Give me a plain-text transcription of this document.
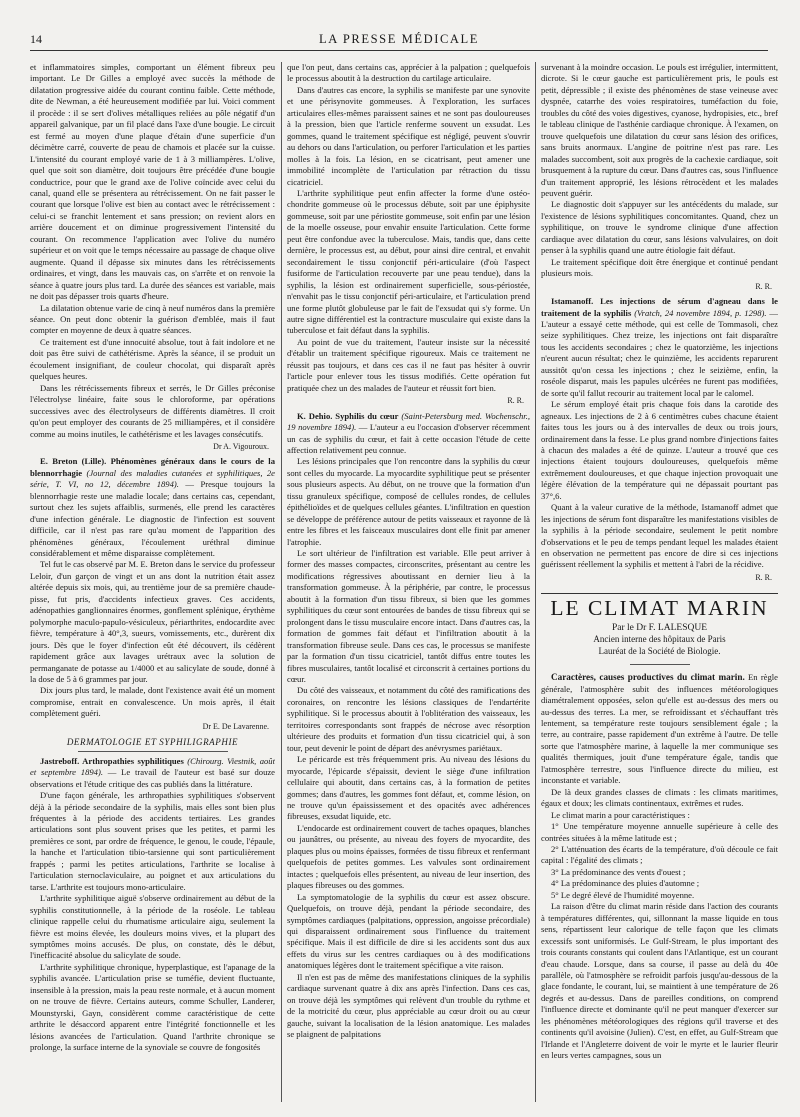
14	LA PRESSE MÉDICALE

et inflammatoires simples, comportant un élément fibreux peu important. Le Dr Gilles a employé avec succès la méthode de dilatation progressive aidée du courant continu faible. Cette méthode, dite de Newman, a été heureusement modifiée par lui. Voici comment il procède : il se sert d'olives métalliques reliées au pôle négatif d'un appareil galvanique, par un fil placé dans l'axe d'une bougie. Le circuit est fermé au moyen d'une plaque d'étain d'une superficie d'un décimètre carré, couverte de peau de chamois et placée sur la cuisse. L'intensité du courant employé varie de 1 à 3 milliampères. L'olive, quel que soit son diamètre, doit toujours être précédée d'une bougie conductrice, pour que le grand axe de l'olive coïncide avec celui du canal, quand elle se présentera au rétrécissement. On ne fait passer le courant que lorsque l'olive est bien au contact avec le rétrécissement : celui-ci se franchit lentement et sans pression; on revient alors en arrière doucement et on diminue progressivement l'intensité du courant. On recommence l'application avec l'olive du numéro supérieur et on voit que le temps nécessaire au passage de chaque olive augmente. Quand il dépasse six minutes dans les rétrécissements ordinaires, et vingt, dans les mauvais cas, on s'arrête et on renvoie la séance à quatre jours plus tard. La durée des séances est variable, mais ne doit pas dépasser trois quarts d'heure.

La dilatation obtenue varie de cinq à neuf numéros dans la première séance. On peut donc obtenir la guérison d'emblée, mais il faut compter en moyenne de deux à quatre séances.

Ce traitement est d'une innocuité absolue, tout à fait indolore et ne doit pas être suivi de cathétérisme. Après la séance, il se produit un écoulement insignifiant, de couleur chocolat, qui disparaît après quelques heures.

Dans les rétrécissements fibreux et serrés, le Dr Gilles préconise l'électrolyse linéaire, faite sous le chloroforme, par opérations successives avec des électrolyseurs de différents diamètres. Il croit qu'on peut employer des courants de 25 milliampères, et il considère comme au moins inutiles, le cathétérisme et les lavages consécutifs.

Dr A. Vigouroux.

E. Breton (Lille). Phénomènes généraux dans le cours de la blennorrhagie (Journal des maladies cutanées et syphilitiques, 2e série, T. VI, no 12, décembre 1894). — Presque toujours la blennorrhagie reste une maladie locale; dans certains cas, cependant, surtout chez les sujets affaiblis, surmenés, elle prend les caractères d'une infection générale. Le diagnostic de l'infection est souvent difficile, car il n'est pas rare qu'au moment de l'apparition des phénomènes généraux, l'écoulement uréthral diminue considérablement et même disparaisse complètement.

Tel fut le cas observé par M. E. Breton dans le service du professeur Leloir, d'un garçon de vingt et un ans dont la nutrition était assez altérée depuis six mois, qui, au trentième jour de sa première chaude-pisse, fut pris, d'accidents infectieux graves. Ces accidents, adénopathies ganglionnaires énormes, gonflement splénique, érythème polymorphe maculo-papulo-vésiculeux, périarthrites, endocardite avec fièvre, température à 40°,3, sueurs, vomissements, etc., durèrent dix jours. Dès que le foyer d'infection eût été découvert, ils cédèrent rapidement grâce aux lavages urétraux avec la solution de permanganate de potasse au 1/4000 et au salicylate de soude, donné à la dose de 5 à 6 grammes par jour.

Dix jours plus tard, le malade, dont l'existence avait été un moment compromise, entrait en convalescence. Un mois après, il était complètement guéri.

Dr E. De Lavarenne.
DERMATOLOGIE ET SYPHILIGRAPHIE

Jastreboff. Arthropathies syphilitiques (Chirourg. Viestnik, août et septembre 1894). — Le travail de l'auteur est basé sur douze observations et l'étude critique des cas publiés dans la littérature.

D'une façon générale, les arthropathies syphilitiques s'observent déjà à la période secondaire de la syphilis, mais elles sont bien plus fréquentes à la période des accidents tertiaires. Les grandes articulations sont plus souvent prises que les petites, et parmi les premières ce sont, par ordre de fréquence, le genou, le coude, l'épaule, la hanche et l'articulation tibio-tarsienne qui sont particulièrement frappés ; parmi les petites articulations, l'arthrite se localise à l'articulation sternoclaviculaire, au poignet et aux articulations du tarse. L'arthrite est toujours mono-articulaire.

L'arthrite syphilitique aiguë s'observe ordinairement au début de la syphilis constitutionnelle, à la période de la roséole. Le tableau clinique rappelle celui du rhumatisme articulaire aigu, seulement la fièvre est moins élevée, les douleurs moins vives, et la plupart des symptômes moins accusés. De plus, on constate, dès le début, l'inefficacité absolue du salicylate de soude.

L'arthrite syphilitique chronique, hyperplastique, est l'apanage de la syphilis avancée. L'articulation prise se tuméfie, devient fluctuante, insensible à la pression, mais la peau reste normale, et à aucun moment on ne trouve de fièvre. Certains auteurs, comme Schuller, Landerer, Mounstyrski, Gayn, considèrent comme caractéristique de cette arthrite le désaccord apparent entre l'intégrité fonctionnelle et les lésions avancées de l'articulation. Quand l'arthrite chronique se prolonge, la surface interne de la synoviale se couvre de fongosités

que l'on peut, dans certains cas, apprécier à la palpation ; quelquefois le processus aboutit à la destruction du cartilage articulaire.

Dans d'autres cas encore, la syphilis se manifeste par une synovite et une périsynovite gommeuses. À l'exploration, les surfaces articulaires elles-mêmes paraissent saines et ne sont pas douloureuses à la pression, bien que l'article renferme souvent un exsudat. Les gommes, quand le traitement spécifique est négligé, peuvent s'ouvrir au dehors ou dans l'articulation, ou perforer l'articulation et les parties molles à la fois. La lésion, en se cicatrisant, peut amener une immobilité incomplète de l'articulation par rétraction du tissu cicatriciel.

L'arthrite syphilitique peut enfin affecter la forme d'une ostéo-chondrite gommeuse où le processus débute, soit par une épiphysite gommeuse, soit par une périostite gommeuse, soit enfin par une lésion de la moelle osseuse, pour envahir ensuite l'articulation. Cette forme peut être confondue avec la tuberculose. Mais, tandis que, dans cette dernière, le processus est, au début, pour ainsi dire central, et envahit secondairement le tissu conjonctif péri-articulaire (d'où l'aspect fusiforme de l'articulation recouverte par une peau tendue), dans la syphilis, la lésion est ordinairement superficielle, sous-périostée, n'envahit pas le tissu conjonctif péri-articulaire, et l'articulation prend une forme plutôt globuleuse par le fait de l'exsudat qui s'y forme. Un autre signe différentiel est la contracture musculaire qui existe dans la tuberculose et fait défaut dans la syphilis.

Au point de vue du traitement, l'auteur insiste sur la nécessité d'établir un traitement spécifique rigoureux. Mais ce traitement ne réussit pas toujours, et dans ces cas il ne faut pas hésiter à ouvrir l'article pour enlever tous les tissus modifiés. Cette opération fut pratiquée chez un des malades de l'auteur et réussit fort bien.

R. R.

K. Dehio. Syphilis du cœur (Saint-Petersburg med. Wochenschr., 19 novembre 1894). — L'auteur a eu l'occasion d'observer récemment un cas de syphilis du cœur, et fait à cette occasion l'étude de cette affection relativement peu connue.

Les lésions principales que l'on rencontre dans la syphilis du cœur sont celles du myocarde. La myocardite syphilitique peut se présenter sous plusieurs aspects. Au début, on ne trouve que la formation d'un tissu granuleux spécifique, composé de cellules rondes, de cellules épithélioïdes et de quelques cellules géantes. L'infiltration en question se développe de préférence autour de petits vaisseaux et rayonne de là entre les fibres et les faisceaux musculaires dont elle finit par amener l'atrophie.

Le sort ultérieur de l'infiltration est variable. Elle peut arriver à former des masses compactes, circonscrites, présentant au centre les modifications régressives aboutissant en dernier lieu à la transformation gommeuse. À la périphérie, par contre, le processus aboutit à la formation d'un tissu fibreux, si bien que les gommes syphilitiques du cœur sont entourées de bandes de tissu fibreux qui se prolongent dans le tissu musculaire encore intact. Dans d'autres cas, la formation de gommes fait défaut et l'infiltration aboutit à la transformation fibreuse seule. Dans ces cas, le processus se manifeste par la formation d'un tissu cicatriciel, tantôt diffus entre toutes les fibres musculaires, tantôt localisé et circonscrit à certaines portions du cœur.

Du côté des vaisseaux, et notamment du côté des ramifications des coronaires, on rencontre les lésions classiques de l'endartérite syphilitique. Si le processus aboutit à l'oblitération des vaisseaux, les territoires correspondants sont frappés de nécrose avec résorption ultérieure des produits et formation d'un tissu cicatriciel qui, à son tour, peut devenir le point de départ des anévrysmes pariétaux.

Le péricarde est très fréquemment pris. Au niveau des lésions du myocarde, l'épicarde s'épaissit, devient le siège d'une infiltration cellulaire qui aboutit, dans certains cas, à la formation de petites gommes; dans d'autres, les gommes font défaut, et, comme lésion, on ne trouve qu'un épaississement et des opacités avec adhérences fibreuses, exsudat liquide, etc.

L'endocarde est ordinairement couvert de taches opaques, blanches ou jaunâtres, ou présente, au niveau des foyers de myocardite, des plaques plus ou moins épaisses, formées de tissu fibreux et renfermant quelquefois de petites gommes. Les valvules sont ordinairement intactes ; quelquefois elles présentent, au niveau de leur insertion, des plaques fibreuses ou des gommes.

La symptomatologie de la syphilis du cœur est assez obscure. Quelquefois, on trouve déjà, pendant la période secondaire, des symptômes cardiaques (palpitations, oppression, angoisse précordiale) qui disparaissent ordinairement sous l'influence du traitement spécifique. Mais il est difficile de dire si les accidents sont dus aux effets du virus sur les centres cardiaques ou à des modifications anatomiques légères dont le traitement spécifique a vite raison.

Il n'en est pas de même des manifestations cliniques de la syphilis cardiaque survenant quatre à dix ans après l'infection. Dans ces cas, on trouve déjà les symptômes qui relèvent d'un trouble du rythme et de la motricité du cœur, plus appréciable au cœur droit ou au cœur gauche, suivant la localisation de la lésion anatomique. Les malades se plaignent de palpitations

survenant à la moindre occasion. Le pouls est irrégulier, intermittent, dicrote. Si le cœur gauche est particulièrement pris, le pouls est petit, dépressible ; il existe des phénomènes de stase veineuse avec dyspnée, catarrhe des voies respiratoires, tuméfaction du foie, troubles du côté des voies digestives, cyanose, hydropisies, etc., bref le tableau clinique de l'asthénie cardiaque chronique. À l'examen, on trouve quelquefois une dilatation du cœur sans lésion des orifices, sans bruits anormaux. L'angine de poitrine n'est pas rare. Les malades succombent, soit aux progrès de la cachexie cardiaque, soit brusquement à la rupture du cœur. Dans d'autres cas, sous l'influence d'un traitement approprié, les lésions rétrocèdent et les malades peuvent guérir.

Le diagnostic doit s'appuyer sur les antécédents du malade, sur l'existence de lésions syphilitiques concomitantes. Quand, chez un syphilitique, on trouve le syndrome clinique d'une affection cardiaque avec dilatation du cœur, sans lésions valvulaires, on doit penser à la syphilis quand une autre étiologie fait défaut.

Le traitement spécifique doit être énergique et continué pendant plusieurs mois.

R. R.

Istamanoff. Les injections de sérum d'agneau dans le traitement de la syphilis (Vratch, 24 novembre 1894, p. 1298). — L'auteur a essayé cette méthode, qui est celle de Tommasoli, chez seize syphilitiques. Chez treize, les injections ont fait disparaître tous les accidents secondaires ; chez le quatorzième, les injections n'eurent aucun résultat; chez le quinzième, les accidents reparurent aussitôt qu'on cessa les injections ; chez le seizième, enfin, la roséole disparut, mais les papules ulcérées ne furent pas modifiées, de sorte qu'il fallut recourir au traitement local par le calomel.

Le sérum employé était pris chaque fois dans la carotide des agneaux. Les injections de 2 à 6 centimètres cubes chacune étaient faites tous les jours ou à des intervalles de deux ou trois jours, ordinairement dans la fesse. Le plus grand nombre d'injections faites à chacun des malades a été de quinze. L'auteur a trouvé que ces injections étaient toujours douloureuses, quelquefois même extrêmement douloureuses, et que chaque injection provoquait une légère élévation de la température qui ne dépassait pourtant pas 37°,6.

Quant à la valeur curative de la méthode, Istamanoff admet que les injections de sérum font disparaître les manifestations visibles de la syphilis à la période secondaire, seulement le petit nombre d'observations et le peu de temps pendant lequel les malades étaient en observation ne permettent pas encore de dire si ces injections guérissent réellement la syphilis et mettent à l'abri de la récidive.

R. R.
LE CLIMAT MARIN
Par le Dr F. LALESQUE
Ancien interne des hôpitaux de Paris
Lauréat de la Société de Biologie.

Caractères, causes productives du climat marin. En règle générale, l'atmosphère subit des influences météorologiques diamétralement opposées, selon qu'elle est au-dessus des mers ou au-dessus des terres. La mer, se refroidissant et s'échauffant très lentement, sa température reste toujours sensiblement égale ; la terre, au contraire, passe rapidement d'un extrême à l'autre. De telle sorte que l'atmosphère marine, à laquelle la mer communique ses qualités thermiques, jouit d'une température égale, tandis que l'atmosphère terrestre, sous l'influence directe du milieu, est inconstante et variable.

De là deux grandes classes de climats : les climats maritimes, égaux et doux; les climats continentaux, extrêmes et rudes.

Le climat marin a pour caractéristiques :

1° Une température moyenne annuelle supérieure à celle des contrées situées à la même latitude est ;

2° L'atténuation des écarts de la température, d'où découle ce fait capital : l'égalité des climats ;

3° La prédominance des vents d'ouest ;

4° La prédominance des pluies d'automne ;

5° Le degré élevé de l'humidité moyenne.

La raison d'être du climat marin réside dans l'action des courants à températures différentes, qui, sillonnant la masse liquide en tous sens, répartissent leur calorique de telle façon que les climats excessifs sont uniformisés. Le Gulf-Stream, le plus important des trois courants constants qui coulent dans l'Atlantique, est un courant d'eau chaude. Lorsque, dans sa course, il passe au delà du 40e parallèle, où l'atmosphère se refroidit parfois jusqu'au-dessous de la glace fondante, le courant, lui, se maintient à une température de 26 degrés et au-dessus. Dans de pareilles conditions, on comprend l'influence directe et dominante qu'il ne peut manquer d'exercer sur les phénomènes météorologiques des régions qu'il traverse et des continents qu'il avoisine (Julien). C'est, en effet, au Gulf-Stream que l'Irlande et l'Angleterre doivent de voir le myrte et le laurier fleurir en leurs vertes campagnes, sous un
